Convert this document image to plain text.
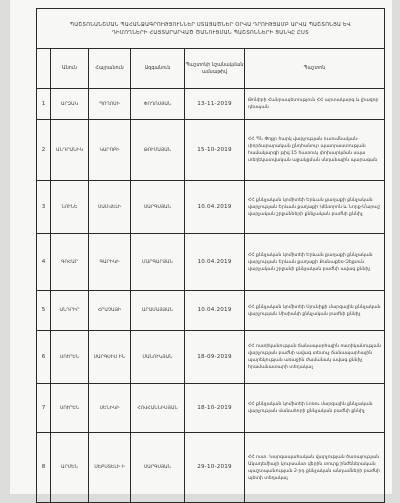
ՊԱՇՏՈՆԱՆՇՄԱՆ ՊԱՀԱՆՋԱԳՐՈՒԹՅՈՒՆՆԵՐ ՍՏԱՑԱԾՆԵՐ ՕՐՎԱ ԴՐՈՒԹՅԱՄԲ ԱՐՎԱ ՊԱՇՏՈՆՅԱ ԵՎ ԴԻՄՈՂՆԵՐԻ ՀԱՅՏԱՐԱՐՎԱԾ ԾԱՆՈՒՑՄԱՆ ՊԱՇՏՈՆՆԵՐԻ ՑԱՆԿԸ ԸՍՏ					
	Անուն	Հայրանուն	Ազգանուն	Պաշտոնի նշանակման ամսաթիվ	Պաշտոն
1	ԱՐԶԱԿ	ՊՈՂՈՍԻ	ՓՈՂՈՍՅԱՆ	13-11-2019	Թոնիրի Հանրապետություն ՀՀ արտակարգ և լիազոր դեսպան
2	ԱՆԴՐԱՆԻԿ	ԿԱՐՈԲԻ	ԹՈՒՄԱՅԱՆ	15-10-2019	ՀՀ ՊՆ Փոքր հարկ վարչության ուսումնական-փորձարարական ընդհանուր պատրաստության համակարգի թիվ 15 հատուկ փոխարկման սպա տեղեկատվական աջակցման սնդանային պարագան
3	ՆՈՒՆԵ	ՍԱՄՎԵԼԻ	ՍԱՐԳՍՅԱՆ	10.04.2019	ՀՀ քննչական կոմիտեի Երևան քաղաքի քննչական վարչության Երևան քաղաքի Կենտրոն և Նորք-Մարաշ վարչական շրջանների քննչական բաժնի քննիչ
4	ԳՈՀԱՐ	ԳԱՐԻԿԻ	ՄԱՐԳԱՐՅԱՆ	10.04.2019	ՀՀ քննչական կոմիտեի Երևան քաղաքի քննչական վարչության Երևան քաղաքի Քանաքեռ-Զեյթուն վարչական շրջանի քննչական բաժնի ավագ քննիչ
5	ԱՆԴՐԻՐ	ՀՐԱՉԱՅԻ	ԱՐԱՄԱՅՅԱՆ	10.04.2019	ՀՀ քննչական կոմիտեի Սյունիքի մարզային քննչական վարչության Սիսիանի քննչական բաժնի քննիչ
6	ՍՈՒՐԵՆ	ՍԱՐԳՍԻՍ ԻՆ	ՄԱՆՈՒԿՅԱՆ	18-09-2019	ՀՀ ոստիկանության ճանապարհային ոստիկանության վարչության բաժնի ավագ տեսուչ ճանապարհային պարեկության առաջին ժամանակ ավագ քննիչ հրամանատարի տեղակալ
7	ՍՈՒՐԵՆ	ՍԵՆԻԿԻ	ՀՈՎՀԱՆՆԻՍՅԱՆ	18-10-2019	ՀՀ քննչական կոմիտեի Լոռու մարզային քննչական վարչության Վանաձորի քննչական բաժնի քննիչ
8	ԱՐՄԵՆ	ՍԵԲՍՏԵԼԻ Ի	ՍԱՐԳՍՅԱՆ	29-10-2019	ՀՀ ոստ. Կարգապահական վարչության ծառայության Ակադեմիայի կուրսանտ վերին տուրք ինժեներական պաշտպանության 2-րդ քննչական անդամների բաժնի պետի տեղակալ
